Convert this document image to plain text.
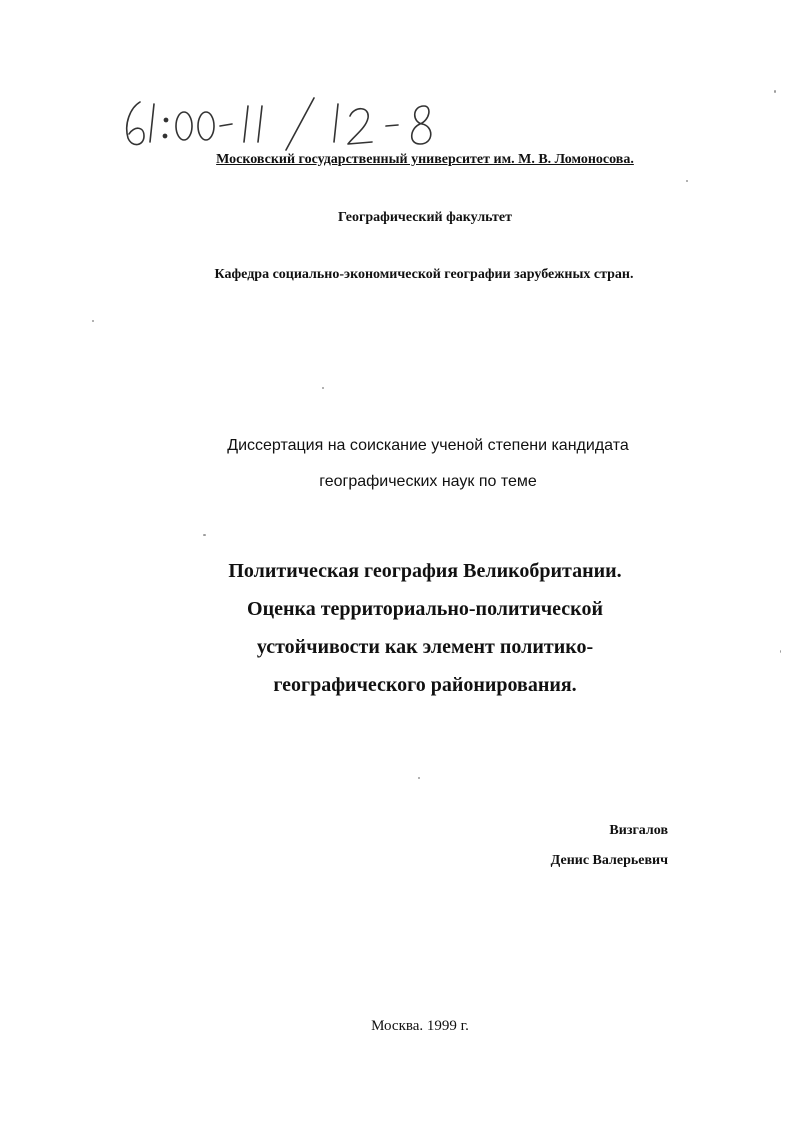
Московский государственный университет им. М. В. Ломоносова.
Географический факультет
Кафедра социально-экономической географии зарубежных стран.
Диссертация на соискание ученой степени кандидата
географических наук по теме
Политическая география Великобритании.
Оценка территориально-политической
устойчивости как элемент политико-
географического районирования.
Визгалов
Денис Валерьевич
Москва. 1999 г.
